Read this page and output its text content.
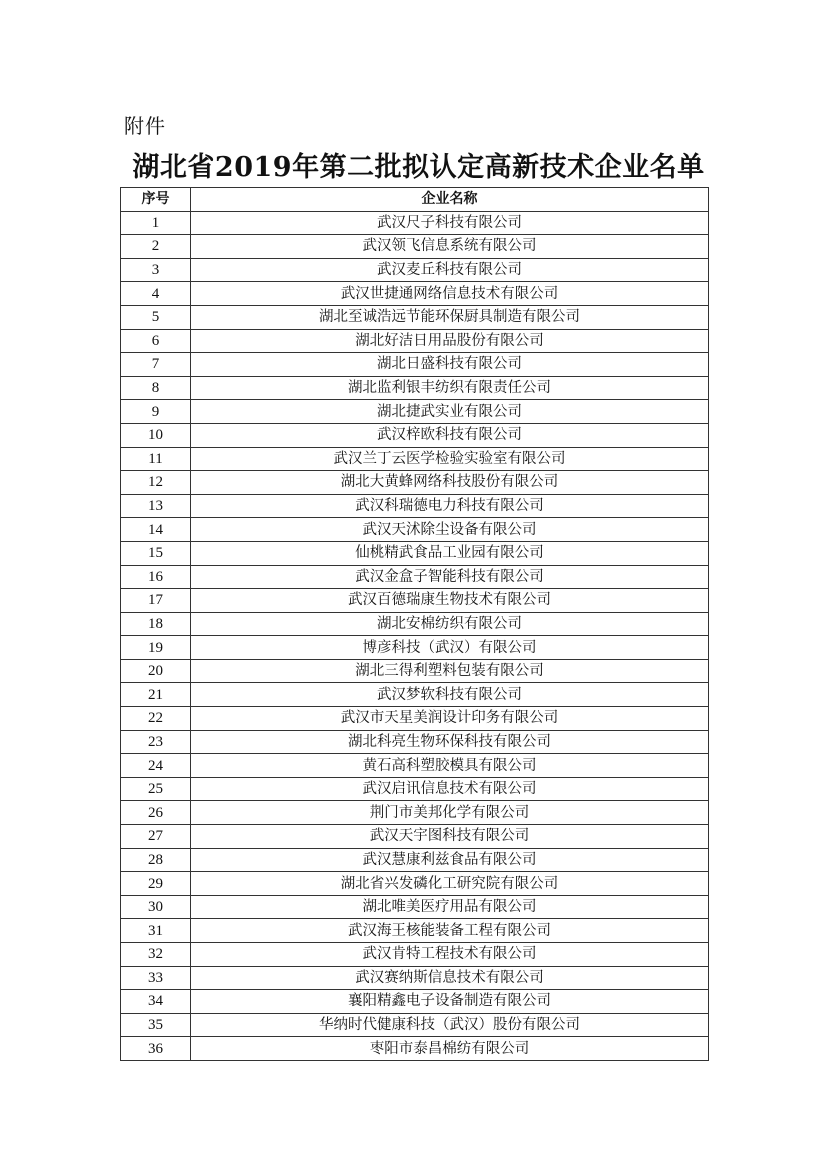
附件
湖北省2019年第二批拟认定高新技术企业名单
序号	企业名称
1	武汉尺子科技有限公司
2	武汉领飞信息系统有限公司
3	武汉麦丘科技有限公司
4	武汉世捷通网络信息技术有限公司
5	湖北至诚浩远节能环保厨具制造有限公司
6	湖北好洁日用品股份有限公司
7	湖北日盛科技有限公司
8	湖北监利银丰纺织有限责任公司
9	湖北捷武实业有限公司
10	武汉梓欧科技有限公司
11	武汉兰丁云医学检验实验室有限公司
12	湖北大黄蜂网络科技股份有限公司
13	武汉科瑞德电力科技有限公司
14	武汉天沭除尘设备有限公司
15	仙桃精武食品工业园有限公司
16	武汉金盒子智能科技有限公司
17	武汉百德瑞康生物技术有限公司
18	湖北安棉纺织有限公司
19	博彦科技（武汉）有限公司
20	湖北三得利塑料包装有限公司
21	武汉梦软科技有限公司
22	武汉市天星美润设计印务有限公司
23	湖北科亮生物环保科技有限公司
24	黄石高科塑胶模具有限公司
25	武汉启讯信息技术有限公司
26	荆门市美邦化学有限公司
27	武汉天宇图科技有限公司
28	武汉慧康利兹食品有限公司
29	湖北省兴发磷化工研究院有限公司
30	湖北唯美医疗用品有限公司
31	武汉海王核能装备工程有限公司
32	武汉肯特工程技术有限公司
33	武汉赛纳斯信息技术有限公司
34	襄阳精鑫电子设备制造有限公司
35	华纳时代健康科技（武汉）股份有限公司
36	枣阳市泰昌棉纺有限公司
